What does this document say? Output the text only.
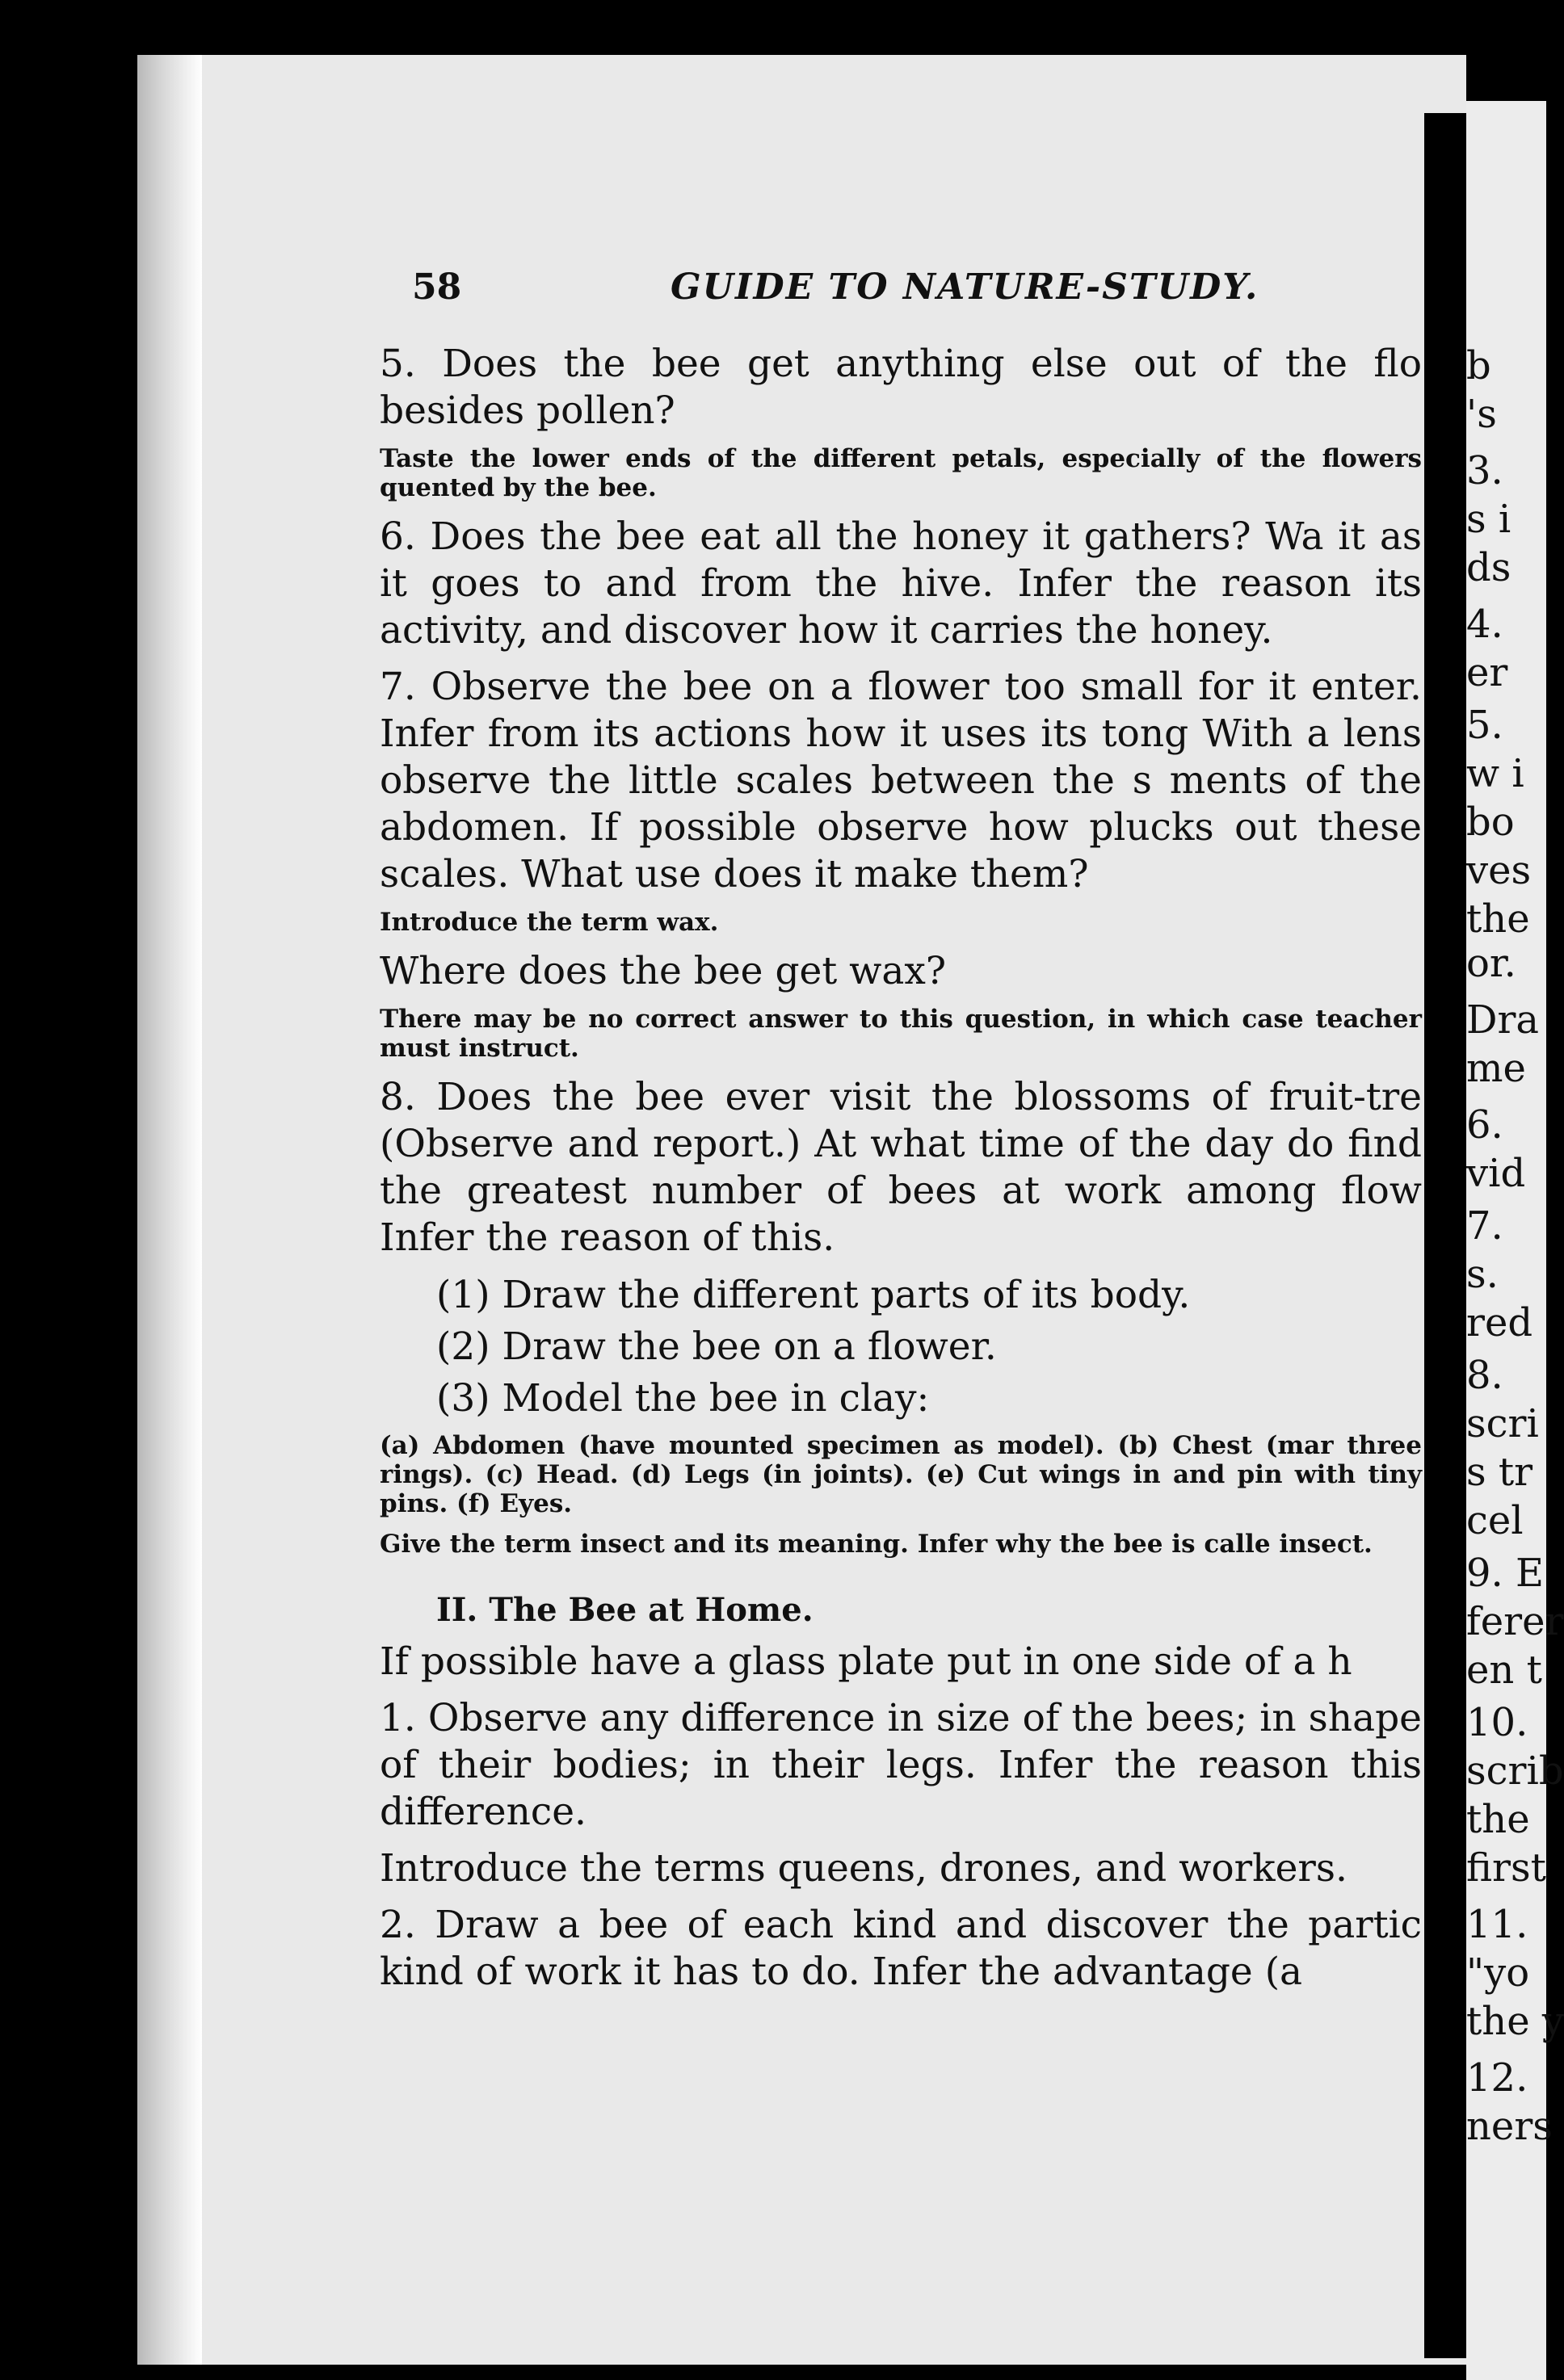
b
's
3.
s i
ds
4.
er
5.
w i
bo
ves
the
or.
Dra
me
6.
vid
7.
s.
red
8.
scri
s tr
cel
9. E
ferer
en t
10.
scrib
the
first
11.
"yo
the y
12.
ners
58	GUIDE TO NATURE-STUDY.
5. Does the bee get anything else out of the flo besides pollen?
Taste the lower ends of the different petals, especially of the flowers quented by the bee.
6. Does the bee eat all the honey it gathers? Wa it as it goes to and from the hive. Infer the reason its activity, and discover how it carries the honey.
7. Observe the bee on a flower too small for it enter. Infer from its actions how it uses its tong With a lens observe the little scales between the s ments of the abdomen. If possible observe how plucks out these scales. What use does it make them?
Introduce the term wax.
Where does the bee get wax?
There may be no correct answer to this question, in which case teacher must instruct.
8. Does the bee ever visit the blossoms of fruit-tre (Observe and report.) At what time of the day do find the greatest number of bees at work among flow Infer the reason of this.
(1) Draw the different parts of its body.
(2) Draw the bee on a flower.
(3) Model the bee in clay:
(a) Abdomen (have mounted specimen as model). (b) Chest (mar three rings). (c) Head. (d) Legs (in joints). (e) Cut wings in and pin with tiny pins. (f) Eyes.
Give the term insect and its meaning. Infer why the bee is calle insect.
II. The Bee at Home.
If possible have a glass plate put in one side of a h
1. Observe any difference in size of the bees; in shape of their bodies; in their legs. Infer the reason this difference.
Introduce the terms queens, drones, and workers.
2. Draw a bee of each kind and discover the partic kind of work it has to do. Infer the advantage (a
